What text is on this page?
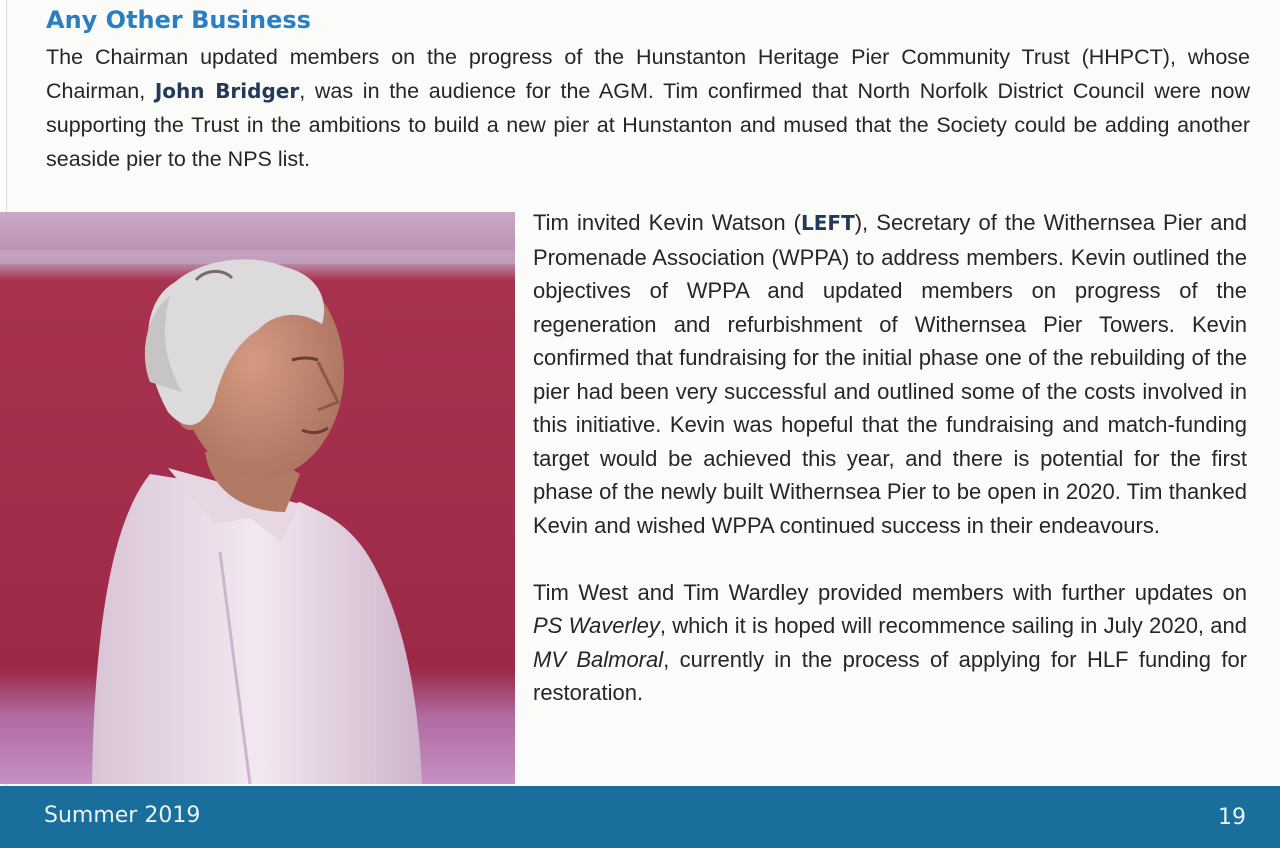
Any Other Business

The Chairman updated members on the progress of the Hunstanton Heritage Pier Community Trust (HHPCT), whose Chairman, John Bridger, was in the audience for the AGM. Tim confirmed that North Norfolk District Council were now supporting the Trust in the ambitions to build a new pier at Hunstanton and mused that the Society could be adding another seaside pier to the NPS list.

Tim invited Kevin Watson (LEFT), Secretary of the Withernsea Pier and Promenade Association (WPPA) to address members. Kevin outlined the objectives of WPPA and updated members on progress of the regeneration and refurbishment of Withernsea Pier Towers. Kevin confirmed that fundraising for the initial phase one of the rebuilding of the pier had been very successful and outlined some of the costs involved in this initiative. Kevin was hopeful that the fundraising and match-funding target would be achieved this year, and there is potential for the first phase of the newly built Withernsea Pier to be open in 2020. Tim thanked Kevin and wished WPPA continued success in their endeavours.

Tim West and Tim Wardley provided members with further updates on PS Waverley, which it is hoped will recommence sailing in July 2020, and MV Balmoral, currently in the process of applying for HLF funding for restoration.

Summer 2019	19
